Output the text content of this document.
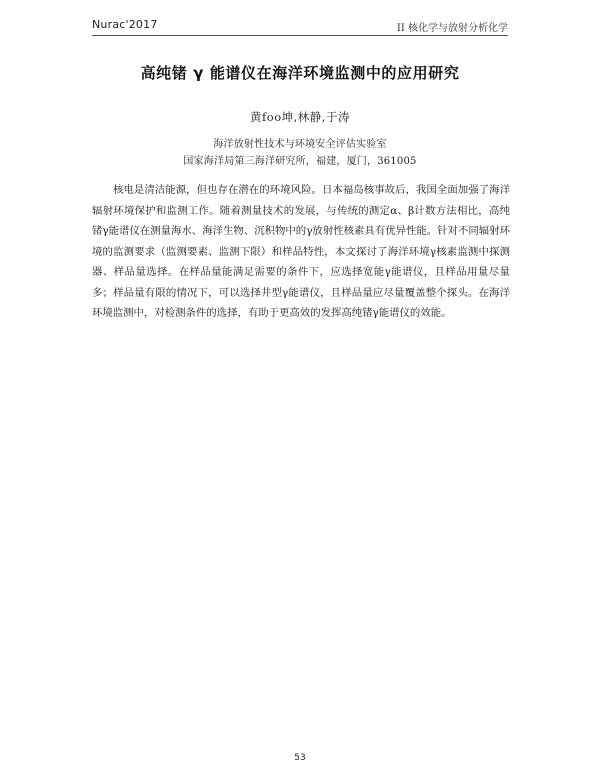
Nurac'2017	II 核化学与放射分析化学
高纯锗 γ 能谱仪在海洋环境监测中的应用研究
黄foo坤,林静,于涛
海洋放射性技术与环境安全评估实验室
国家海洋局第三海洋研究所，福建，厦门，361005

核电是清洁能源，但也存在潜在的环境风险。日本福岛核事故后，我国全面加强了海洋辐射环境保护和监测工作。随着测量技术的发展，与传统的测定α、β计数方法相比，高纯锗γ能谱仪在测量海水、海洋生物、沉积物中的γ放射性核素具有优异性能。针对不同辐射环境的监测要求（监测要素、监测下限）和样品特性，本文探讨了海洋环境γ核素监测中探测器、样品量选择。在样品量能满足需要的条件下，应选择宽能γ能谱仪，且样品用量尽量多；样品量有限的情况下，可以选择井型γ能谱仪，且样品量应尽量覆盖整个探头。在海洋环境监测中，对检测条件的选择，有助于更高效的发挥高纯锗γ能谱仪的效能。

53
